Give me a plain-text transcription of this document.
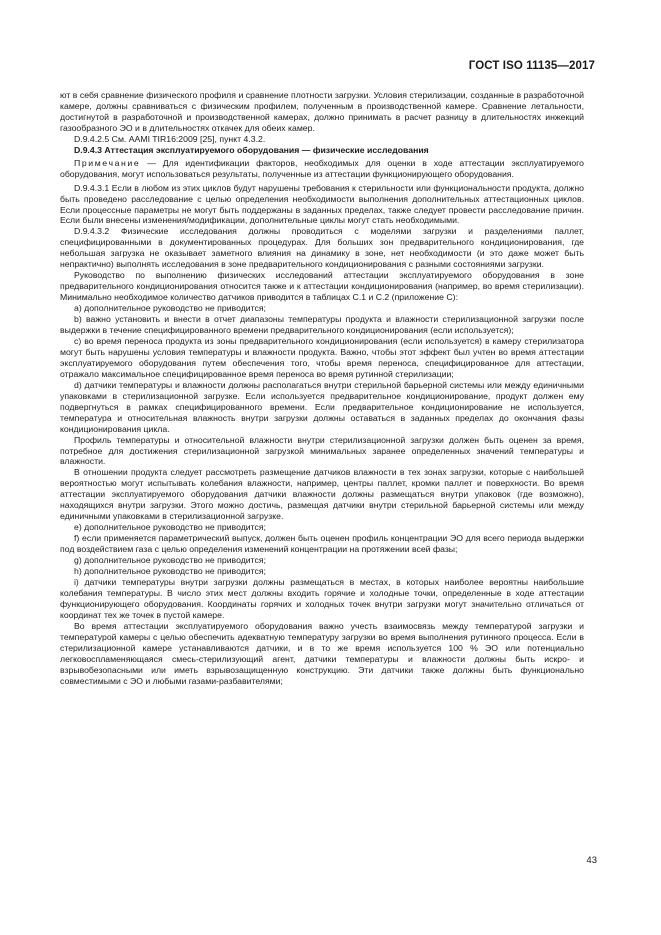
ГОСТ ISO 11135—2017

ют в себя сравнение физического профиля и сравнение плотности загрузки. Условия стерилизации, созданные в разработочной камере, должны сравниваться с физическим профилем, полученным в производственной камере. Сравнение летальности, достигнутой в разработочной и производственной камерах, должно принимать в расчет разницу в длительностях инжекций газообразного ЭО и в длительностях откачек для обеих камер.

D.9.4.2.5 См. AAMI TIR16:2009 [25], пункт 4.3.2.

D.9.4.3 Аттестация эксплуатируемого оборудования — физические исследования

Примечание — Для идентификации факторов, необходимых для оценки в ходе аттестации эксплуатируемого оборудования, могут использоваться результаты, полученные из аттестации функционирующего оборудования.

D.9.4.3.1 Если в любом из этих циклов будут нарушены требования к стерильности или функциональности продукта, должно быть проведено расследование с целью определения необходимости выполнения дополнительных аттестационных циклов. Если процессные параметры не могут быть поддержаны в заданных пределах, также следует провести расследование причин. Если были внесены изменения/модификации, дополнительные циклы могут стать необходимыми.

D.9.4.3.2 Физические исследования должны проводиться с моделями загрузки и разделениями паллет, специфицированными в документированных процедурах. Для больших зон предварительного кондиционирования, где небольшая загрузка не оказывает заметного влияния на динамику в зоне, нет необходимости (и это даже может быть непрактично) выполнять исследования в зоне предварительного кондиционирования с разными состояниями загрузки.

Руководство по выполнению физических исследований аттестации эксплуатируемого оборудования в зоне предварительного кондиционирования относится также и к аттестации кондиционирования (например, во время стерилизации). Минимально необходимое количество датчиков приводится в таблицах С.1 и С.2 (приложение С):

a) дополнительное руководство не приводится;

b) важно установить и внести в отчет диапазоны температуры продукта и влажности стерилизационной загрузки после выдержки в течение специфицированного времени предварительного кондиционирования (если используется);

c) во время переноса продукта из зоны предварительного кондиционирования (если используется) в камеру стерилизатора могут быть нарушены условия температуры и влажности продукта. Важно, чтобы этот эффект был учтен во время аттестации эксплуатируемого оборудования путем обеспечения того, чтобы время переноса, специфицированное для аттестации, отражало максимальное специфицированное время переноса во время рутинной стерилизации;

d) датчики температуры и влажности должны располагаться внутри стерильной барьерной системы или между единичными упаковками в стерилизационной загрузке. Если используется предварительное кондиционирование, продукт должен ему подвергнуться в рамках специфицированного времени. Если предварительное кондиционирование не используется, температура и относительная влажность внутри загрузки должны оставаться в заданных пределах до окончания фазы кондиционирования цикла.

Профиль температуры и относительной влажности внутри стерилизационной загрузки должен быть оценен за время, потребное для достижения стерилизационной загрузкой минимальных заранее определенных значений температуры и влажности.

В отношении продукта следует рассмотреть размещение датчиков влажности в тех зонах загрузки, которые с наибольшей вероятностью могут испытывать колебания влажности, например, центры паллет, кромки паллет и поверхности. Во время аттестации эксплуатируемого оборудования датчики влажности должны размещаться внутри упаковок (где возможно), находящихся внутри загрузки. Этого можно достичь, размещая датчики внутри стерильной барьерной системы или между единичными упаковками в стерилизационной загрузке.

e) дополнительное руководство не приводится;

f) если применяется параметрический выпуск, должен быть оценен профиль концентрации ЭО для всего периода выдержки под воздействием газа с целью определения изменений концентрации на протяжении всей фазы;

g) дополнительное руководство не приводится;

h) дополнительное руководство не приводится;

i) датчики температуры внутри загрузки должны размещаться в местах, в которых наиболее вероятны наибольшие колебания температуры. В число этих мест должны входить горячие и холодные точки, определенные в ходе аттестации функционирующего оборудования. Координаты горячих и холодных точек внутри загрузки могут значительно отличаться от координат тех же точек в пустой камере.

Во время аттестации эксплуатируемого оборудования важно учесть взаимосвязь между температурой загрузки и температурой камеры с целью обеспечить адекватную температуру загрузки во время выполнения рутинного процесса. Если в стерилизационной камере устанавливаются датчики, и в то же время используется 100 % ЭО или потенциально легковоспламеняющаяся смесь-стерилизующий агент, датчики температуры и влажности должны быть искро- и взрывобезопасными или иметь взрывозащищенную конструкцию. Эти датчики также должны быть функционально совместимыми с ЭО и любыми газами-разбавителями;

43
